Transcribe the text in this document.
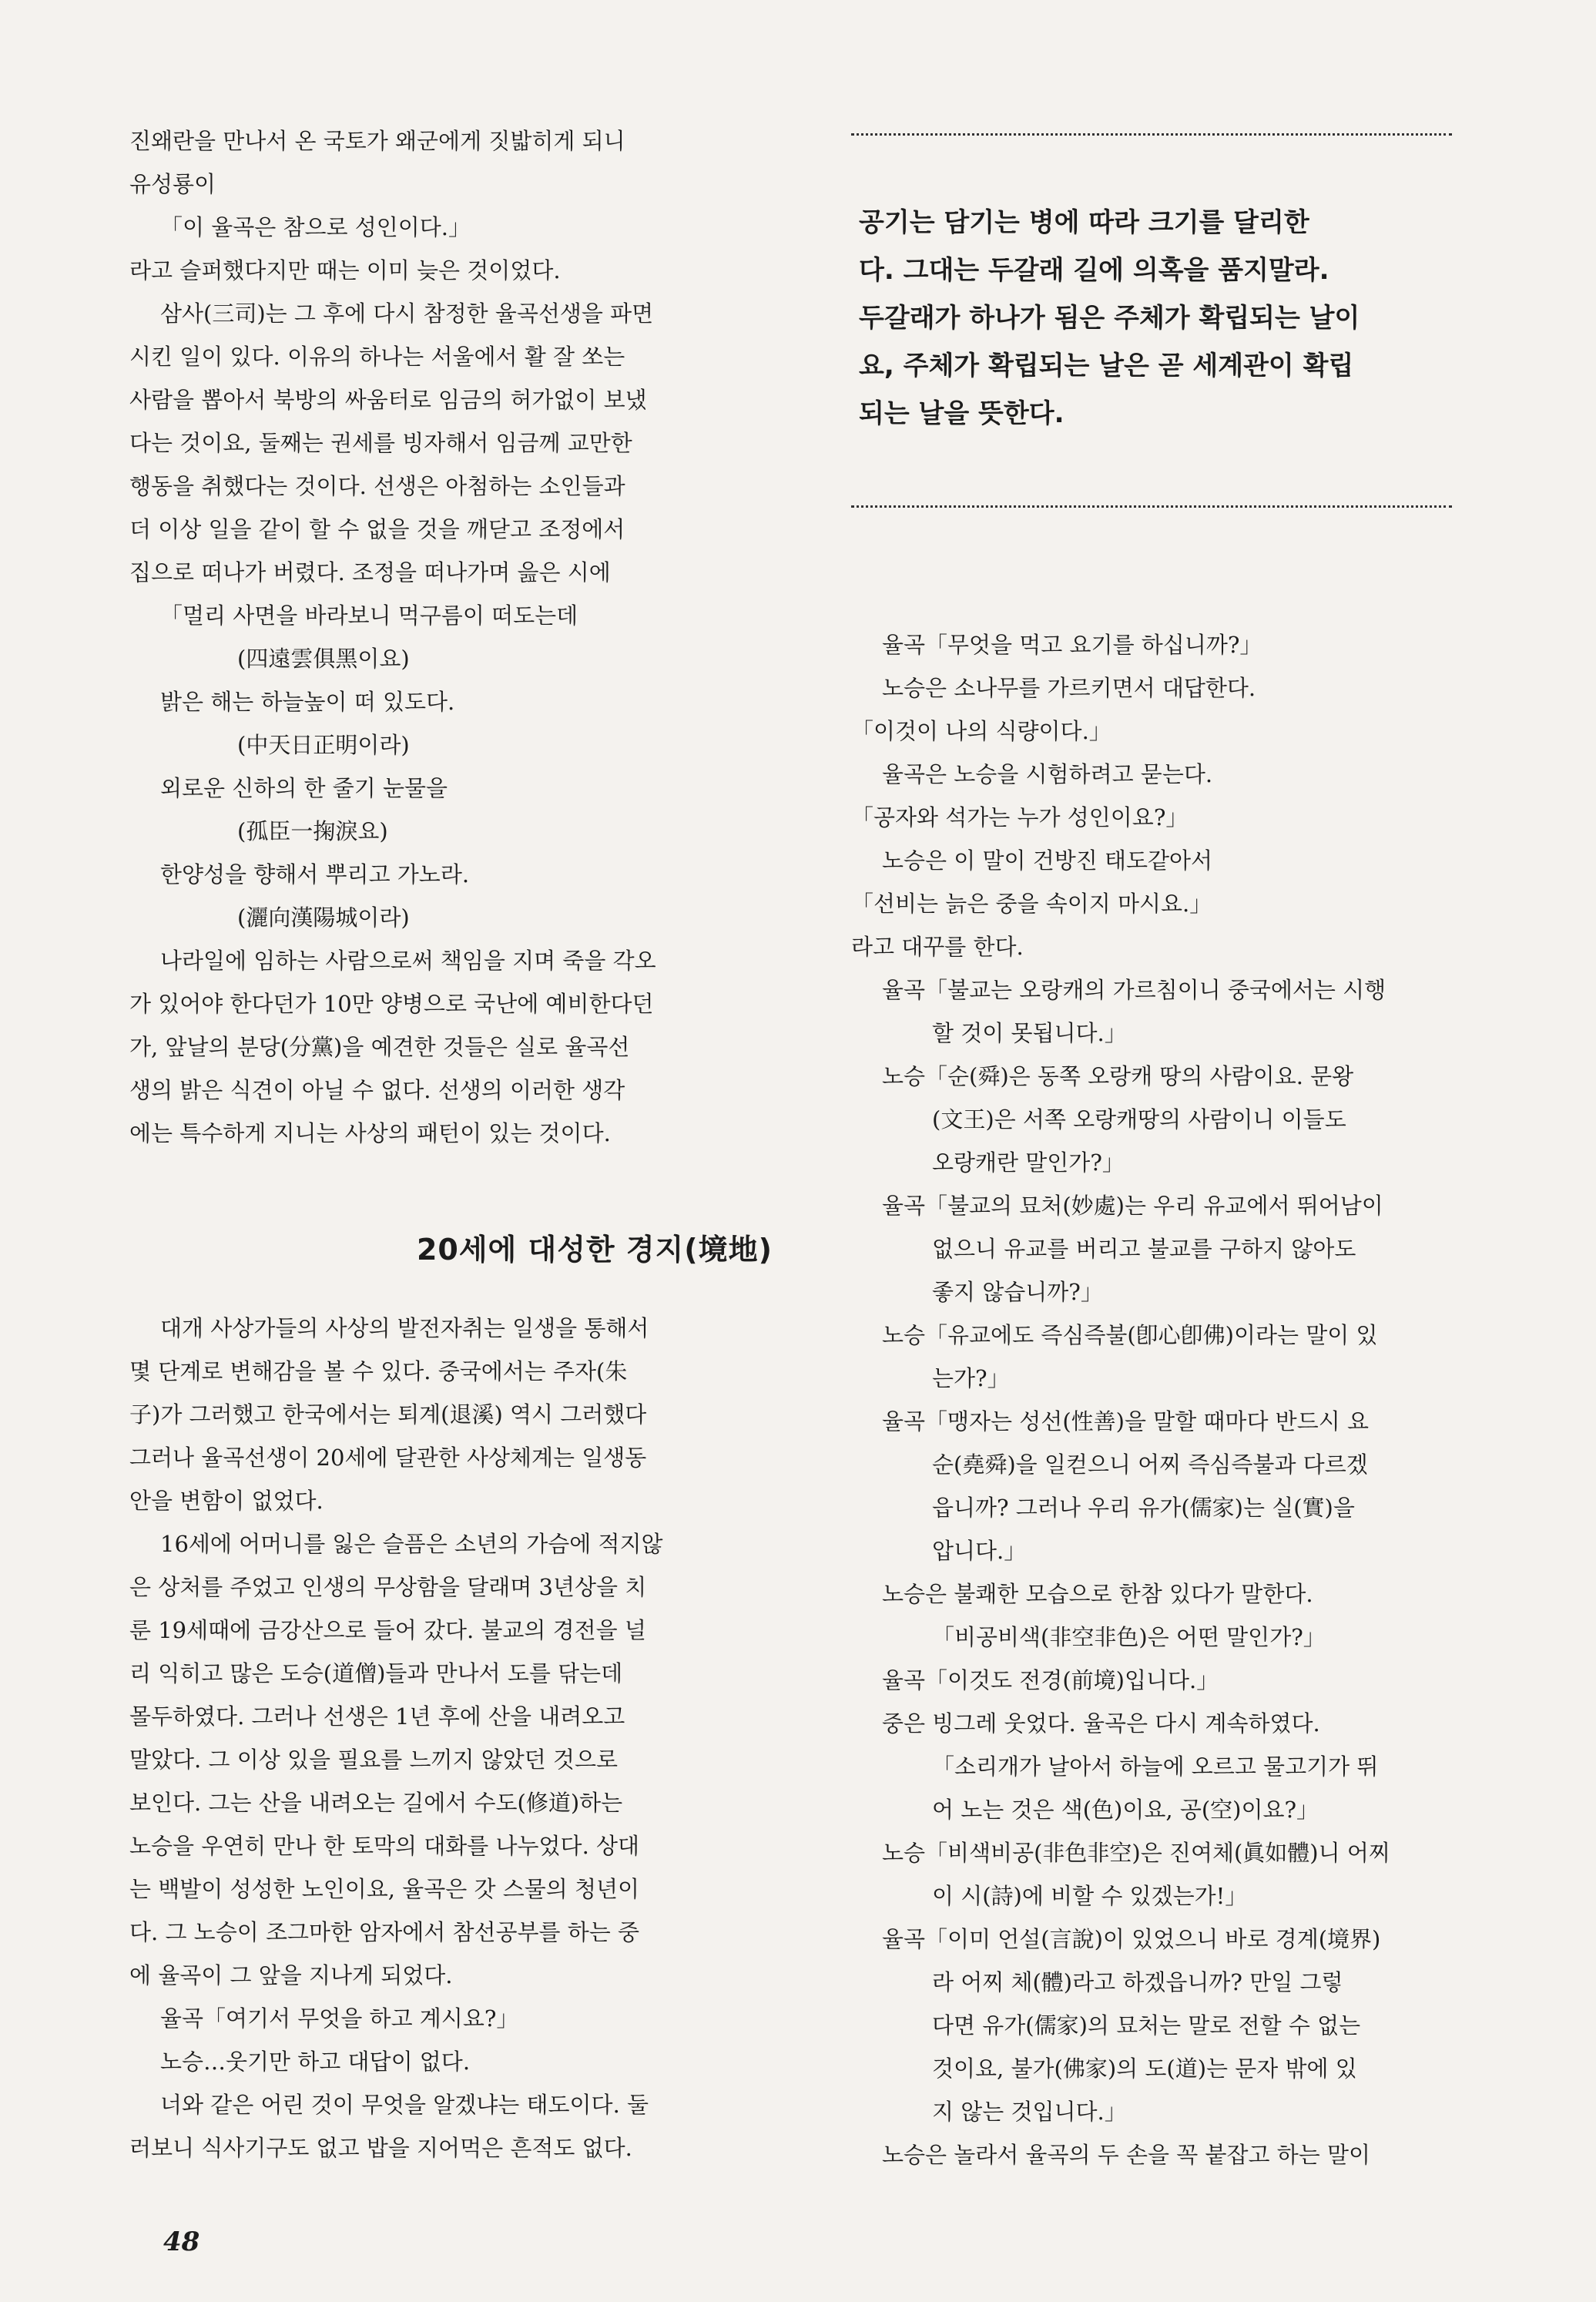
진왜란을 만나서 온 국토가 왜군에게 짓밟히게 되니

유성룡이

「이 율곡은 참으로 성인이다.」

라고 슬퍼했다지만 때는 이미 늦은 것이었다.

삼사(三司)는 그 후에 다시 참정한 율곡선생을 파면

시킨 일이 있다. 이유의 하나는 서울에서 활 잘 쏘는

사람을 뽑아서 북방의 싸움터로 임금의 허가없이 보냈

다는 것이요, 둘째는 권세를 빙자해서 임금께 교만한

행동을 취했다는 것이다. 선생은 아첨하는 소인들과

더 이상 일을 같이 할 수 없을 것을 깨닫고 조정에서

집으로 떠나가 버렸다. 조정을 떠나가며 읊은 시에

「멀리 사면을 바라보니 먹구름이 떠도는데

(四遠雲俱黑이요)

밝은 해는 하늘높이 떠 있도다.

(中天日正明이라)

외로운 신하의 한 줄기 눈물을

(孤臣一掬淚요)

한양성을 향해서 뿌리고 가노라.

(灑向漢陽城이라)

나라일에 임하는 사람으로써 책임을 지며 죽을 각오

가 있어야 한다던가 10만 양병으로 국난에 예비한다던

가, 앞날의 분당(分黨)을 예견한 것들은 실로 율곡선

생의 밝은 식견이 아닐 수 없다. 선생의 이러한 생각

에는 특수하게 지니는 사상의 패턴이 있는 것이다.

20세에 대성한 경지(境地)

대개 사상가들의 사상의 발전자취는 일생을 통해서

몇 단계로 변해감을 볼 수 있다. 중국에서는 주자(朱

子)가 그러했고 한국에서는 퇴계(退溪) 역시 그러했다

그러나 율곡선생이 20세에 달관한 사상체계는 일생동

안을 변함이 없었다.

16세에 어머니를 잃은 슬픔은 소년의 가슴에 적지않

은 상처를 주었고 인생의 무상함을 달래며 3년상을 치

룬 19세때에 금강산으로 들어 갔다. 불교의 경전을 널

리 익히고 많은 도승(道僧)들과 만나서 도를 닦는데

몰두하였다. 그러나 선생은 1년 후에 산을 내려오고

말았다. 그 이상 있을 필요를 느끼지 않았던 것으로

보인다. 그는 산을 내려오는 길에서 수도(修道)하는

노승을 우연히 만나 한 토막의 대화를 나누었다. 상대

는 백발이 성성한 노인이요, 율곡은 갓 스물의 청년이

다. 그 노승이 조그마한 암자에서 참선공부를 하는 중

에 율곡이 그 앞을 지나게 되었다.

율곡「여기서 무엇을 하고 계시요?」

노승…웃기만 하고 대답이 없다.

너와 같은 어린 것이 무엇을 알겠냐는 태도이다. 둘

러보니 식사기구도 없고 밥을 지어먹은 흔적도 없다.

공기는 담기는 병에 따라 크기를 달리한

다. 그대는 두갈래 길에 의혹을 품지말라.

두갈래가 하나가 됨은 주체가 확립되는 날이

요, 주체가 확립되는 날은 곧 세계관이 확립

되는 날을 뜻한다.

율곡「무엇을 먹고 요기를 하십니까?」

노승은 소나무를 가르키면서 대답한다.

「이것이 나의 식량이다.」

율곡은 노승을 시험하려고 묻는다.

「공자와 석가는 누가 성인이요?」

노승은 이 말이 건방진 태도같아서

「선비는 늙은 중을 속이지 마시요.」

라고 대꾸를 한다.

율곡「불교는 오랑캐의 가르침이니 중국에서는 시행

할 것이 못됩니다.」

노승「순(舜)은 동쪽 오랑캐 땅의 사람이요. 문왕

(文王)은 서쪽 오랑캐땅의 사람이니 이들도

오랑캐란 말인가?」

율곡「불교의 묘처(妙處)는 우리 유교에서 뛰어남이

없으니 유교를 버리고 불교를 구하지 않아도

좋지 않습니까?」

노승「유교에도 즉심즉불(卽心卽佛)이라는 말이 있

는가?」

율곡「맹자는 성선(性善)을 말할 때마다 반드시 요

순(堯舜)을 일컫으니 어찌 즉심즉불과 다르겠

읍니까? 그러나 우리 유가(儒家)는 실(實)을

압니다.」

노승은 불쾌한 모습으로 한참 있다가 말한다.

「비공비색(非空非色)은 어떤 말인가?」

율곡「이것도 전경(前境)입니다.」

중은 빙그레 웃었다. 율곡은 다시 계속하였다.

「소리개가 날아서 하늘에 오르고 물고기가 뛰

어 노는 것은 색(色)이요, 공(空)이요?」

노승「비색비공(非色非空)은 진여체(眞如體)니 어찌

이 시(詩)에 비할 수 있겠는가!」

율곡「이미 언설(言說)이 있었으니 바로 경계(境界)

라 어찌 체(體)라고 하겠읍니까? 만일 그렇

다면 유가(儒家)의 묘처는 말로 전할 수 없는

것이요, 불가(佛家)의 도(道)는 문자 밖에 있

지 않는 것입니다.」

노승은 놀라서 율곡의 두 손을 꼭 붙잡고 하는 말이

48
